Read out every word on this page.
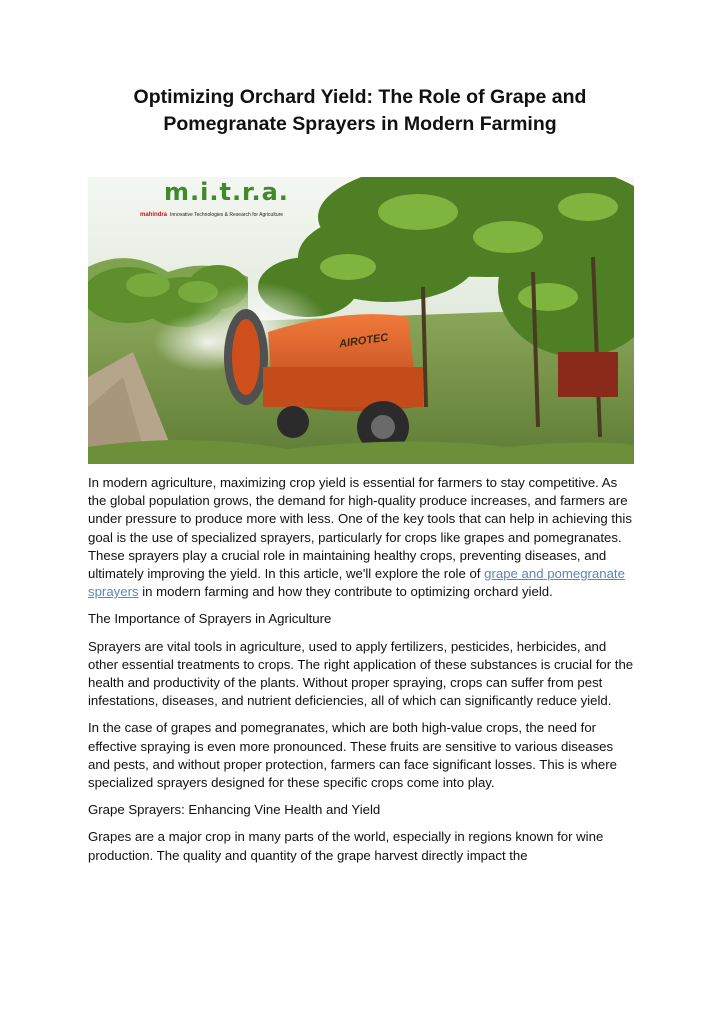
Optimizing Orchard Yield: The Role of Grape and Pomegranate Sprayers in Modern Farming
m.i.t.r.a.
mahindra Innovative Technologies & Research for Agriculture
AIROTEC

In modern agriculture, maximizing crop yield is essential for farmers to stay competitive. As the global population grows, the demand for high-quality produce increases, and farmers are under pressure to produce more with less. One of the key tools that can help in achieving this goal is the use of specialized sprayers, particularly for crops like grapes and pomegranates. These sprayers play a crucial role in maintaining healthy crops, preventing diseases, and ultimately improving the yield. In this article, we'll explore the role of grape and pomegranate sprayers in modern farming and how they contribute to optimizing orchard yield.

The Importance of Sprayers in Agriculture

Sprayers are vital tools in agriculture, used to apply fertilizers, pesticides, herbicides, and other essential treatments to crops. The right application of these substances is crucial for the health and productivity of the plants. Without proper spraying, crops can suffer from pest infestations, diseases, and nutrient deficiencies, all of which can significantly reduce yield.

In the case of grapes and pomegranates, which are both high-value crops, the need for effective spraying is even more pronounced. These fruits are sensitive to various diseases and pests, and without proper protection, farmers can face significant losses. This is where specialized sprayers designed for these specific crops come into play.

Grape Sprayers: Enhancing Vine Health and Yield

Grapes are a major crop in many parts of the world, especially in regions known for wine production. The quality and quantity of the grape harvest directly impact the
